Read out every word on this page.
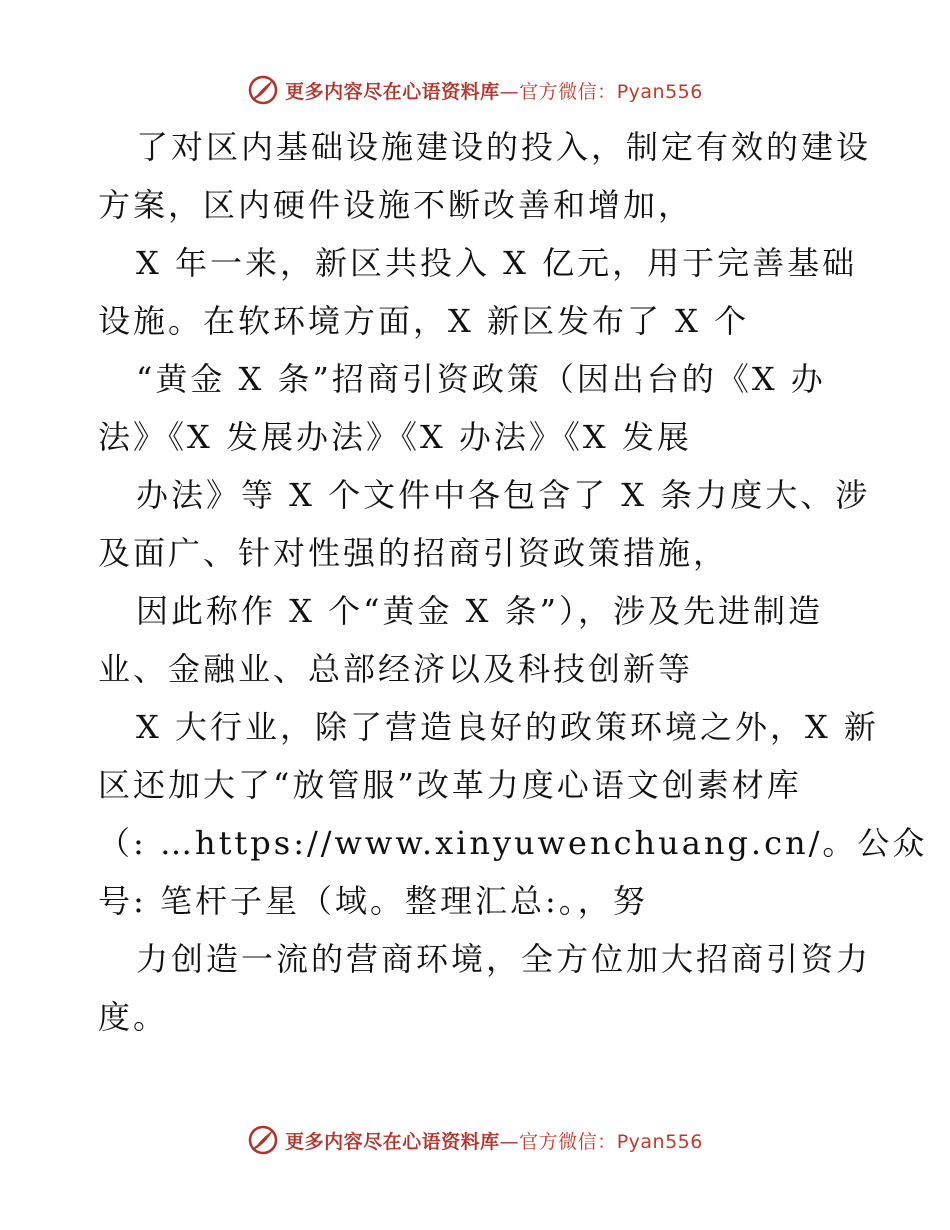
更多内容尽在心语资料库—官方微信：Pyan556
了对区内基础设施建设的投入，制定有效的建设
方案，区内硬件设施不断改善和增加，
X 年一来，新区共投入 X 亿元，用于完善基础
设施。在软环境方面，X 新区发布了 X 个
“黄金 X 条”招商引资政策（因出台的《X 办
法》《X 发展办法》《X 办法》《X 发展
办法》等 X 个文件中各包含了 X 条力度大、涉
及面广、针对性强的招商引资政策措施，
因此称作 X 个“黄金 X 条”），涉及先进制造
业、金融业、总部经济以及科技创新等
X 大行业，除了营造良好的政策环境之外，X 新
区还加大了“放管服”改革力度心语文创素材库
（: …https://www.xinyuwenchuang.cn/。公众
号: 笔杆子星（域。整理汇总:。，努
力创造一流的营商环境，全方位加大招商引资力
度。
更多内容尽在心语资料库—官方微信：Pyan556
